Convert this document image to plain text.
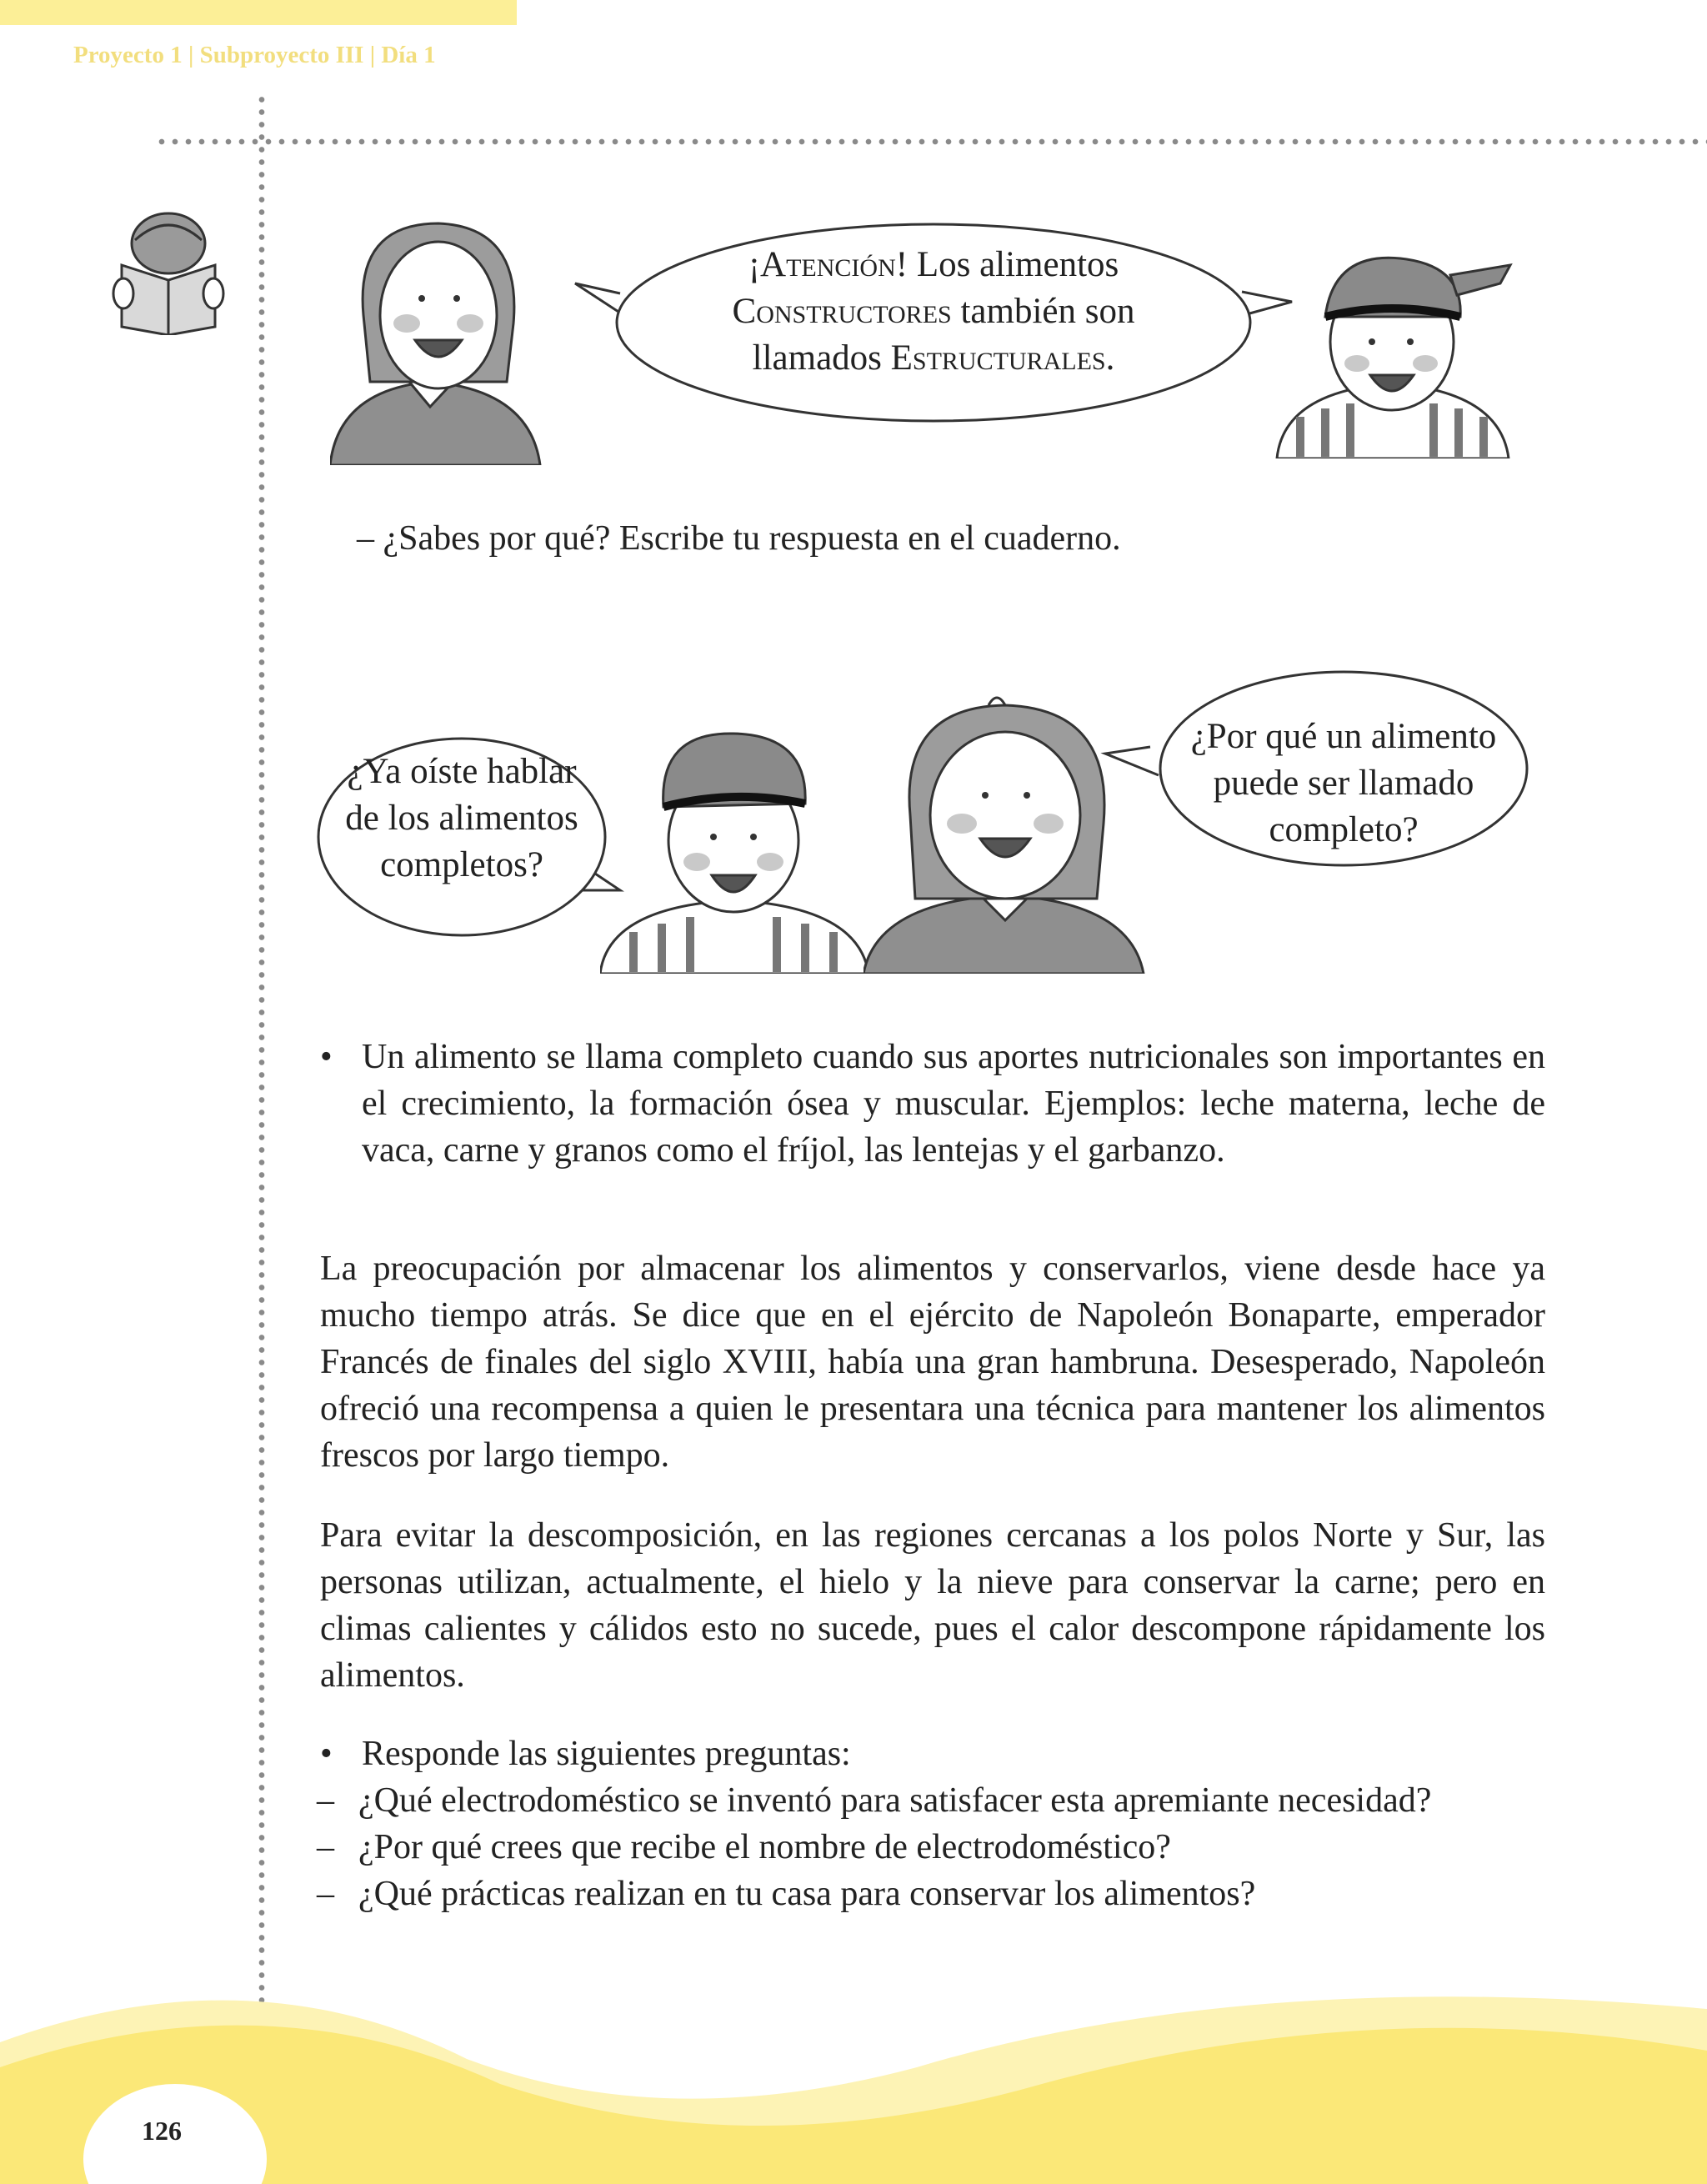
Proyecto 1 | Subproyecto III | Día 1
¡Atención! Los alimentos
Constructores también son
llamados Estructurales.
– ¿Sabes por qué? Escribe tu respuesta en el cuaderno.
¿Ya oíste hablar
de los alimentos
completos?
¿Por qué un alimento
puede ser llamado
completo?
• Un alimento se llama completo cuando sus aportes nutricionales son importantes en el crecimiento, la formación ósea y muscular. Ejemplos: leche materna, leche de vaca, carne y granos como el fríjol, las lentejas y el garbanzo.
La preocupación por almacenar los alimentos y conservarlos, viene desde hace ya mucho tiempo atrás. Se dice que en el ejército de Napoleón Bonaparte, emperador Francés de finales del siglo XVIII, había una gran hambruna. Desesperado, Napoleón ofreció una recompensa a quien le presentara una técnica para mantener los alimentos frescos por largo tiempo.
Para evitar la descomposición, en las regiones cercanas a los polos Norte y Sur, las personas utilizan, actualmente, el hielo y la nieve para conservar la carne; pero en climas calientes y cálidos esto no sucede, pues el calor descompone rápidamente los alimentos.
• Responde las siguientes preguntas:
– ¿Qué electrodoméstico se inventó para satisfacer esta apremiante necesidad?
– ¿Por qué crees que recibe el nombre de electrodoméstico?
– ¿Qué prácticas realizan en tu casa para conservar los alimentos?
126
